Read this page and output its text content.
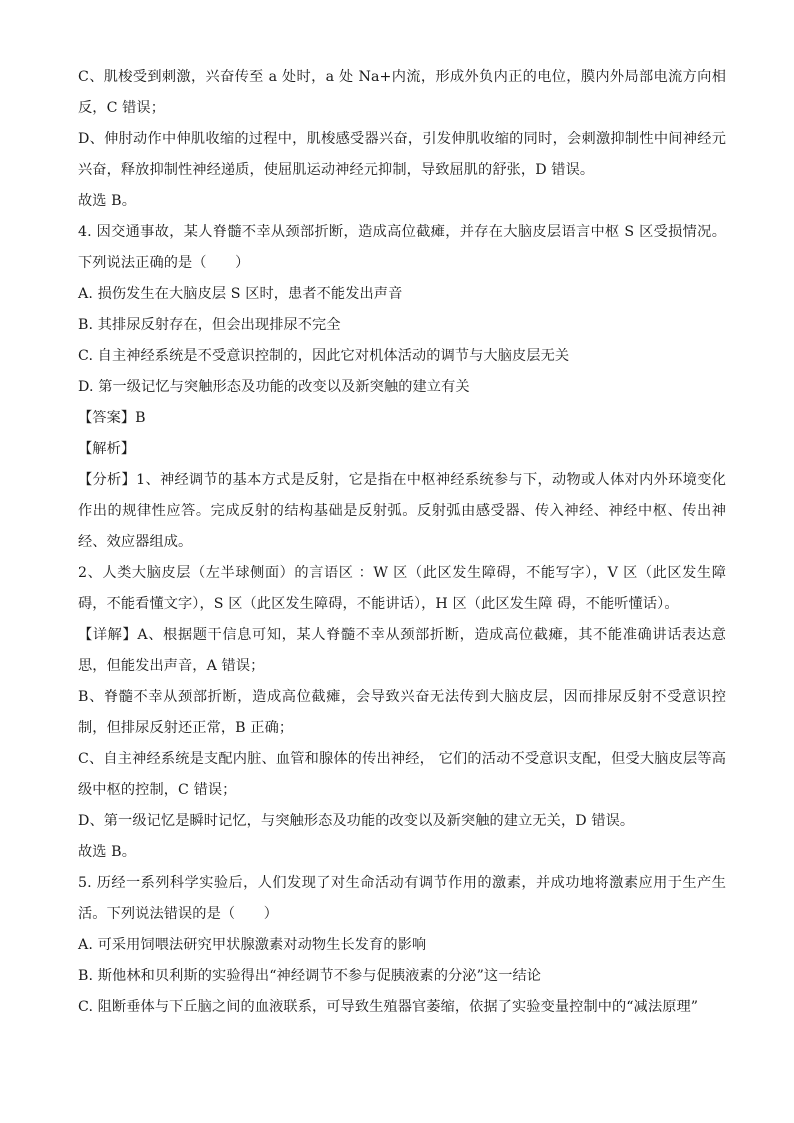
C、肌梭受到刺激，兴奋传至 a 处时，a 处 Na+内流，形成外负内正的电位，膜内外局部电流方向相反，C 错误；

D、伸肘动作中伸肌收缩的过程中，肌梭感受器兴奋，引发伸肌收缩的同时，会刺激抑制性中间神经元兴奋，释放抑制性神经递质，使屈肌运动神经元抑制，导致屈肌的舒张，D 错误。

故选 B。

4. 因交通事故，某人脊髓不幸从颈部折断，造成高位截瘫，并存在大脑皮层语言中枢 S 区受损情况。下列说法正确的是（　　）

A. 损伤发生在大脑皮层 S 区时，患者不能发出声音

B. 其排尿反射存在，但会出现排尿不完全

C. 自主神经系统是不受意识控制的，因此它对机体活动的调节与大脑皮层无关

D. 第一级记忆与突触形态及功能的改变以及新突触的建立有关

【答案】B

【解析】

【分析】1、神经调节的基本方式是反射，它是指在中枢神经系统参与下，动物或人体对内外环境变化作出的规律性应答。完成反射的结构基础是反射弧。反射弧由感受器、传入神经、神经中枢、传出神经、效应器组成。

2、人类大脑皮层（左半球侧面）的言语区 ：W 区（此区发生障碍，不能写字），V 区（此区发生障 碍，不能看懂文字），S 区（此区发生障碍，不能讲话），H 区（此区发生障 碍，不能听懂话）。

【详解】A、根据题干信息可知，某人脊髓不幸从颈部折断，造成高位截瘫，其不能准确讲话表达意思，但能发出声音，A 错误；

B、脊髓不幸从颈部折断，造成高位截瘫，会导致兴奋无法传到大脑皮层，因而排尿反射不受意识控制，但排尿反射还正常，B 正确；

C、自主神经系统是支配内脏、血管和腺体的传出神经， 它们的活动不受意识支配，但受大脑皮层等高级中枢的控制，C 错误；

D、第一级记忆是瞬时记忆，与突触形态及功能的改变以及新突触的建立无关，D 错误。

故选 B。

5. 历经一系列科学实验后，人们发现了对生命活动有调节作用的激素，并成功地将激素应用于生产生活。下列说法错误的是（　　）

A. 可采用饲喂法研究甲状腺激素对动物生长发育的影响

B. 斯他林和贝利斯的实验得出“神经调节不参与促胰液素的分泌”这一结论

C. 阻断垂体与下丘脑之间的血液联系，可导致生殖器官萎缩，依据了实验变量控制中的“减法原理”
